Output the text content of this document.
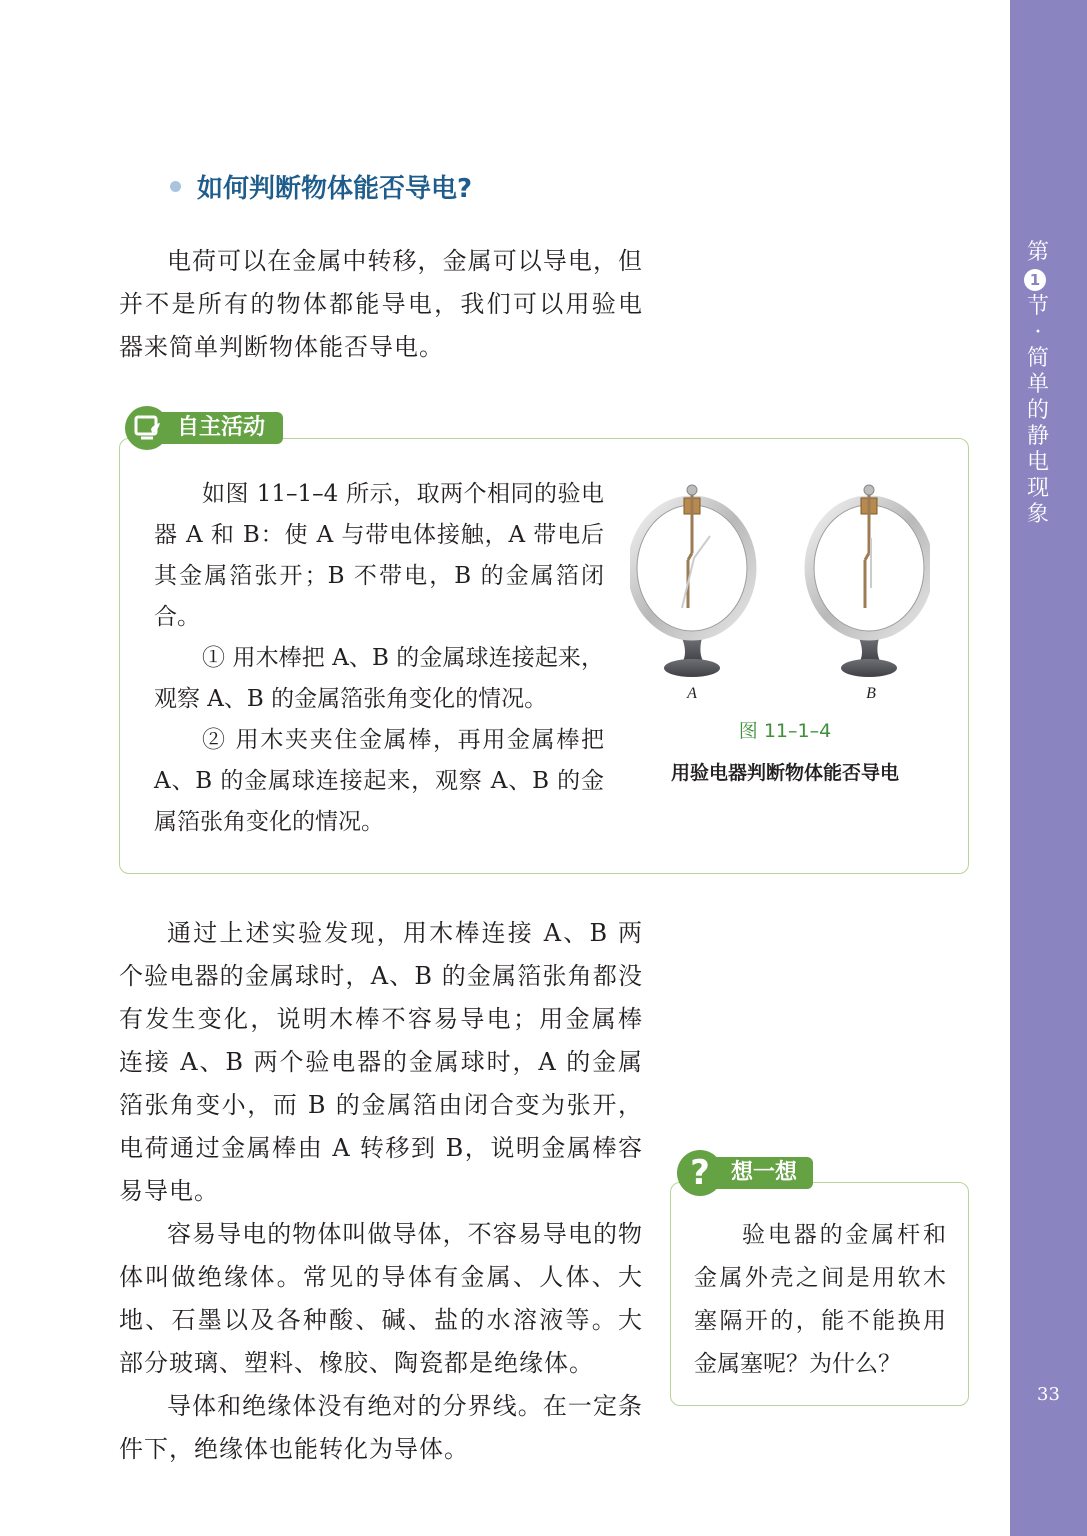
第
1
节·简单的静电现象
33
如何判断物体能否导电?

电荷可以在金属中转移，金属可以导电，但并不是所有的物体都能导电，我们可以用验电器来简单判断物体能否导电。

自主活动

如图 11–1–4 所示，取两个相同的验电器 A 和 B：使 A 与带电体接触，A 带电后其金属箔张开；B 不带电，B 的金属箔闭合。

① 用木棒把 A、B 的金属球连接起来，观察 A、B 的金属箔张角变化的情况。

② 用木夹夹住金属棒，再用金属棒把 A、B 的金属球连接起来，观察 A、B 的金属箔张角变化的情况。

A	B
图 11–1–4
用验电器判断物体能否导电

通过上述实验发现，用木棒连接 A、B 两个验电器的金属球时，A、B 的金属箔张角都没有发生变化，说明木棒不容易导电；用金属棒连接 A、B 两个验电器的金属球时，A 的金属箔张角变小，而 B 的金属箔由闭合变为张开，电荷通过金属棒由 A 转移到 B，说明金属棒容易导电。

容易导电的物体叫做导体，不容易导电的物体叫做绝缘体。常见的导体有金属、人体、大地、石墨以及各种酸、碱、盐的水溶液等。大部分玻璃、塑料、橡胶、陶瓷都是绝缘体。

导体和绝缘体没有绝对的分界线。在一定条件下，绝缘体也能转化为导体。

? 想一想
验电器的金属杆和金属外壳之间是用软木塞隔开的，能不能换用金属塞呢？为什么？
